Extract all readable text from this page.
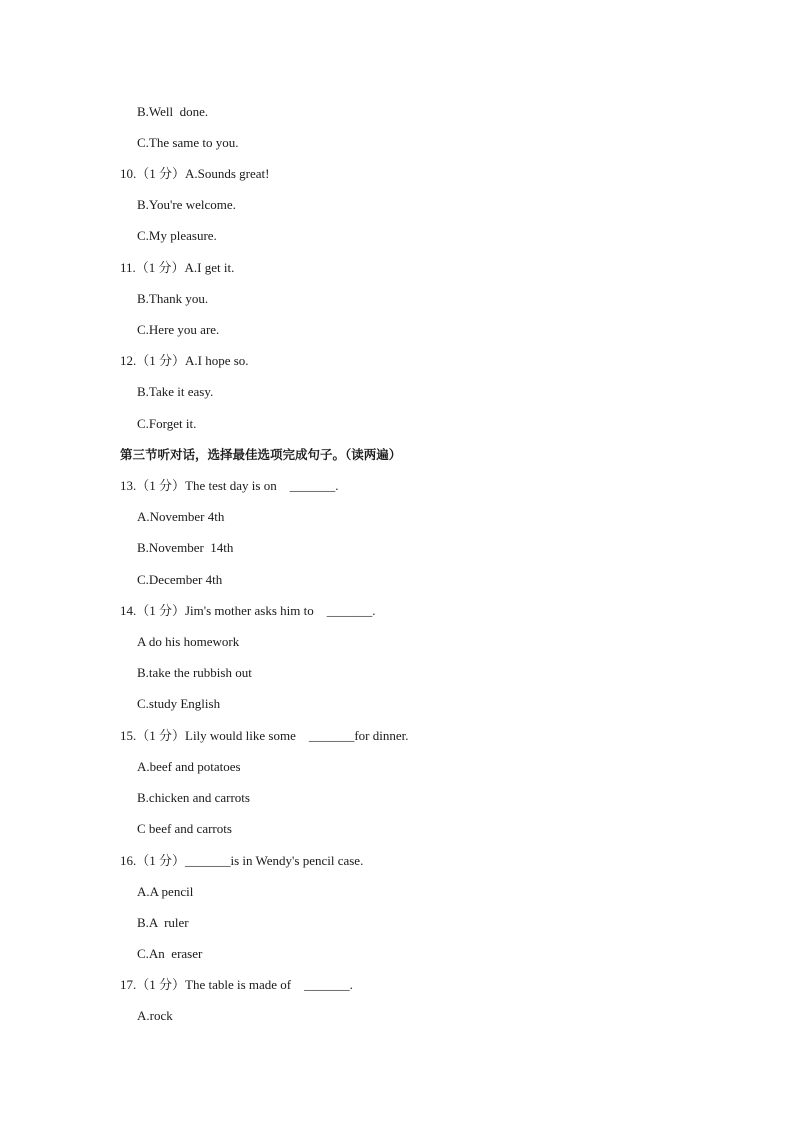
B.Well  done.
C.The same to you.
10.（1 分）A.Sounds great!
B.You're welcome.
C.My pleasure.
11.（1 分）A.I get it.
B.Thank you.
C.Here you are.
12.（1 分）A.I hope so.
B.Take it easy.
C.Forget it.
第三节听对话，选择最佳选项完成句子。（读两遍）
13.（1 分）The test day is on    _______.
A.November 4th
B.November  14th
C.December 4th
14.（1 分）Jim's mother asks him to    _______.
A do his homework
B.take the rubbish out
C.study English
15.（1 分）Lily would like some    _______for dinner.
A.beef and potatoes
B.chicken and carrots
C beef and carrots
16.（1 分）_______is in Wendy's pencil case.
A.A pencil
B.A  ruler
C.An  eraser
17.（1 分）The table is made of    _______.
A.rock
